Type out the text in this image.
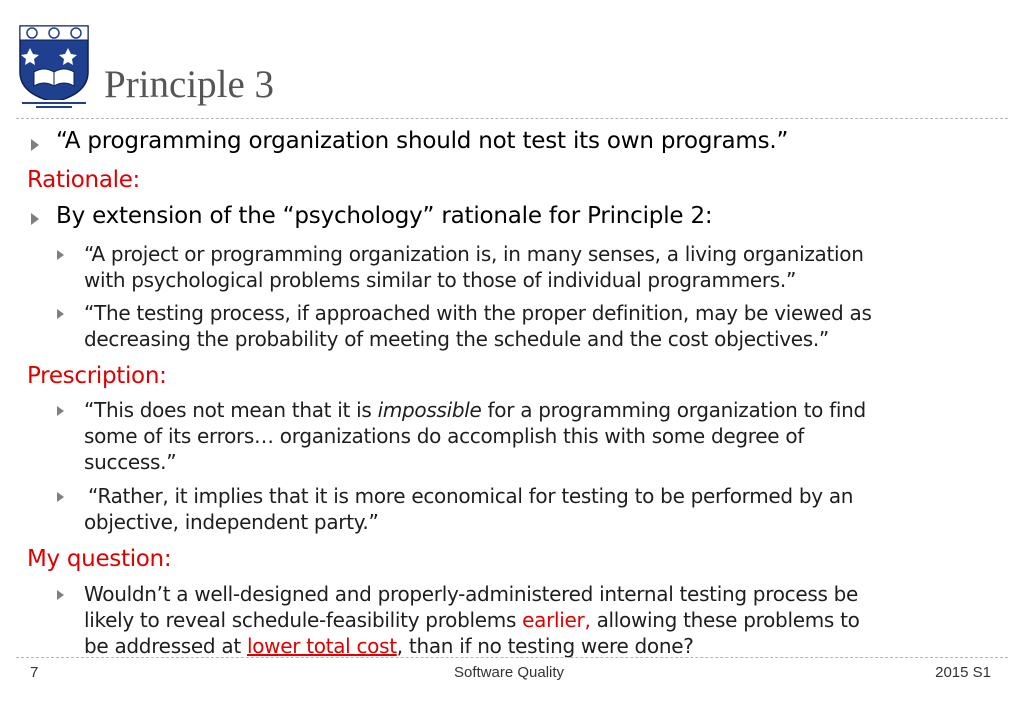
Principle 3
“A programming organization should not test its own programs.”
Rationale:
By extension of the “psychology” rationale for Principle 2:
“A project or programming organization is, in many senses, a living organization
with psychological problems similar to those of individual programmers.”
“The testing process, if approached with the proper definition, may be viewed as
decreasing the probability of meeting the schedule and the cost objectives.”
Prescription:
“This does not mean that it is impossible for a programming organization to find
some of its errors… organizations do accomplish this with some degree of
success.”
“Rather, it implies that it is more economical for testing to be performed by an
objective, independent party.”
My question:
Wouldn’t a well-designed and properly-administered internal testing process be
likely to reveal schedule-feasibility problems earlier, allowing these problems to
be addressed at lower total cost, than if no testing were done?
7	Software Quality	2015 S1
